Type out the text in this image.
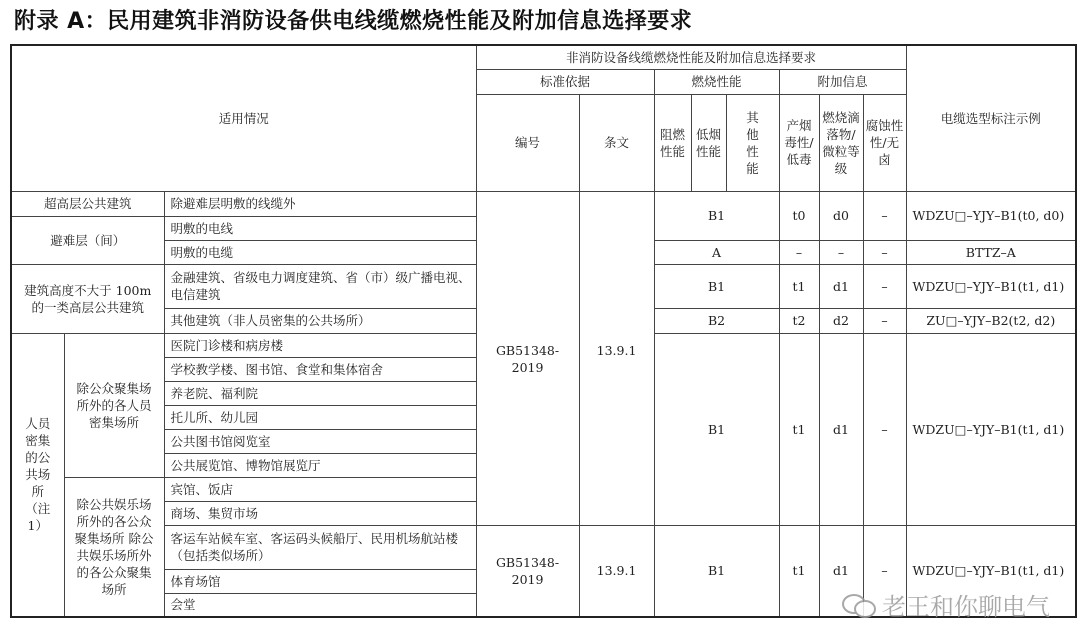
附录 A：民用建筑非消防设备供电线缆燃烧性能及附加信息选择要求
适用情况			非消防设备线缆燃烧性能及附加信息选择要求								电缆选型标注示例
			标准依据		燃烧性能			附加信息			
			编号	条文	阻燃性能	低烟性能	其他性能	产烟毒性/低毒	燃烧滴落物/微粒等级	腐蚀性性/无卤	
超高层公共建筑		除避难层明敷的线缆外	GB51348-2019	13.9.1	B1			t0	d0	–	WDZU□–YJY–B1(t0, d0)
避难层（间）		明敷的电线									
		明敷的电缆			A			–	–	–	BTTZ–A
建筑高度不大于 100m 的一类高层公共建筑		金融建筑、省级电力调度建筑、省（市）级广播电视、电信建筑			B1			t1	d1	–	WDZU□–YJY–B1(t1, d1)
		其他建筑（非人员密集的公共场所）			B2			t2	d2	–	ZU□–YJY–B2(t2, d2)
人员密集的公共场所（注 1）	除公众聚集场所外的各人员密集场所	医院门诊楼和病房楼			B1			t1	d1	–	WDZU□–YJY–B1(t1, d1)
		学校教学楼、图书馆、食堂和集体宿舍									
		养老院、福利院									
		托儿所、幼儿园									
		公共图书馆阅览室									
		公共展览馆、博物馆展览厅									
	除公共娱乐场所外的各公众聚集场所 除公共娱乐场所外的各公众聚集场所	宾馆、饭店									
		商场、集贸市场									
		客运车站候车室、客运码头候船厅、民用机场航站楼（包括类似场所）	GB51348-2019	13.9.1	B1			t1	d1	–	WDZU□–YJY–B1(t1, d1)
		体育场馆									
		会堂										老王和你聊电气
